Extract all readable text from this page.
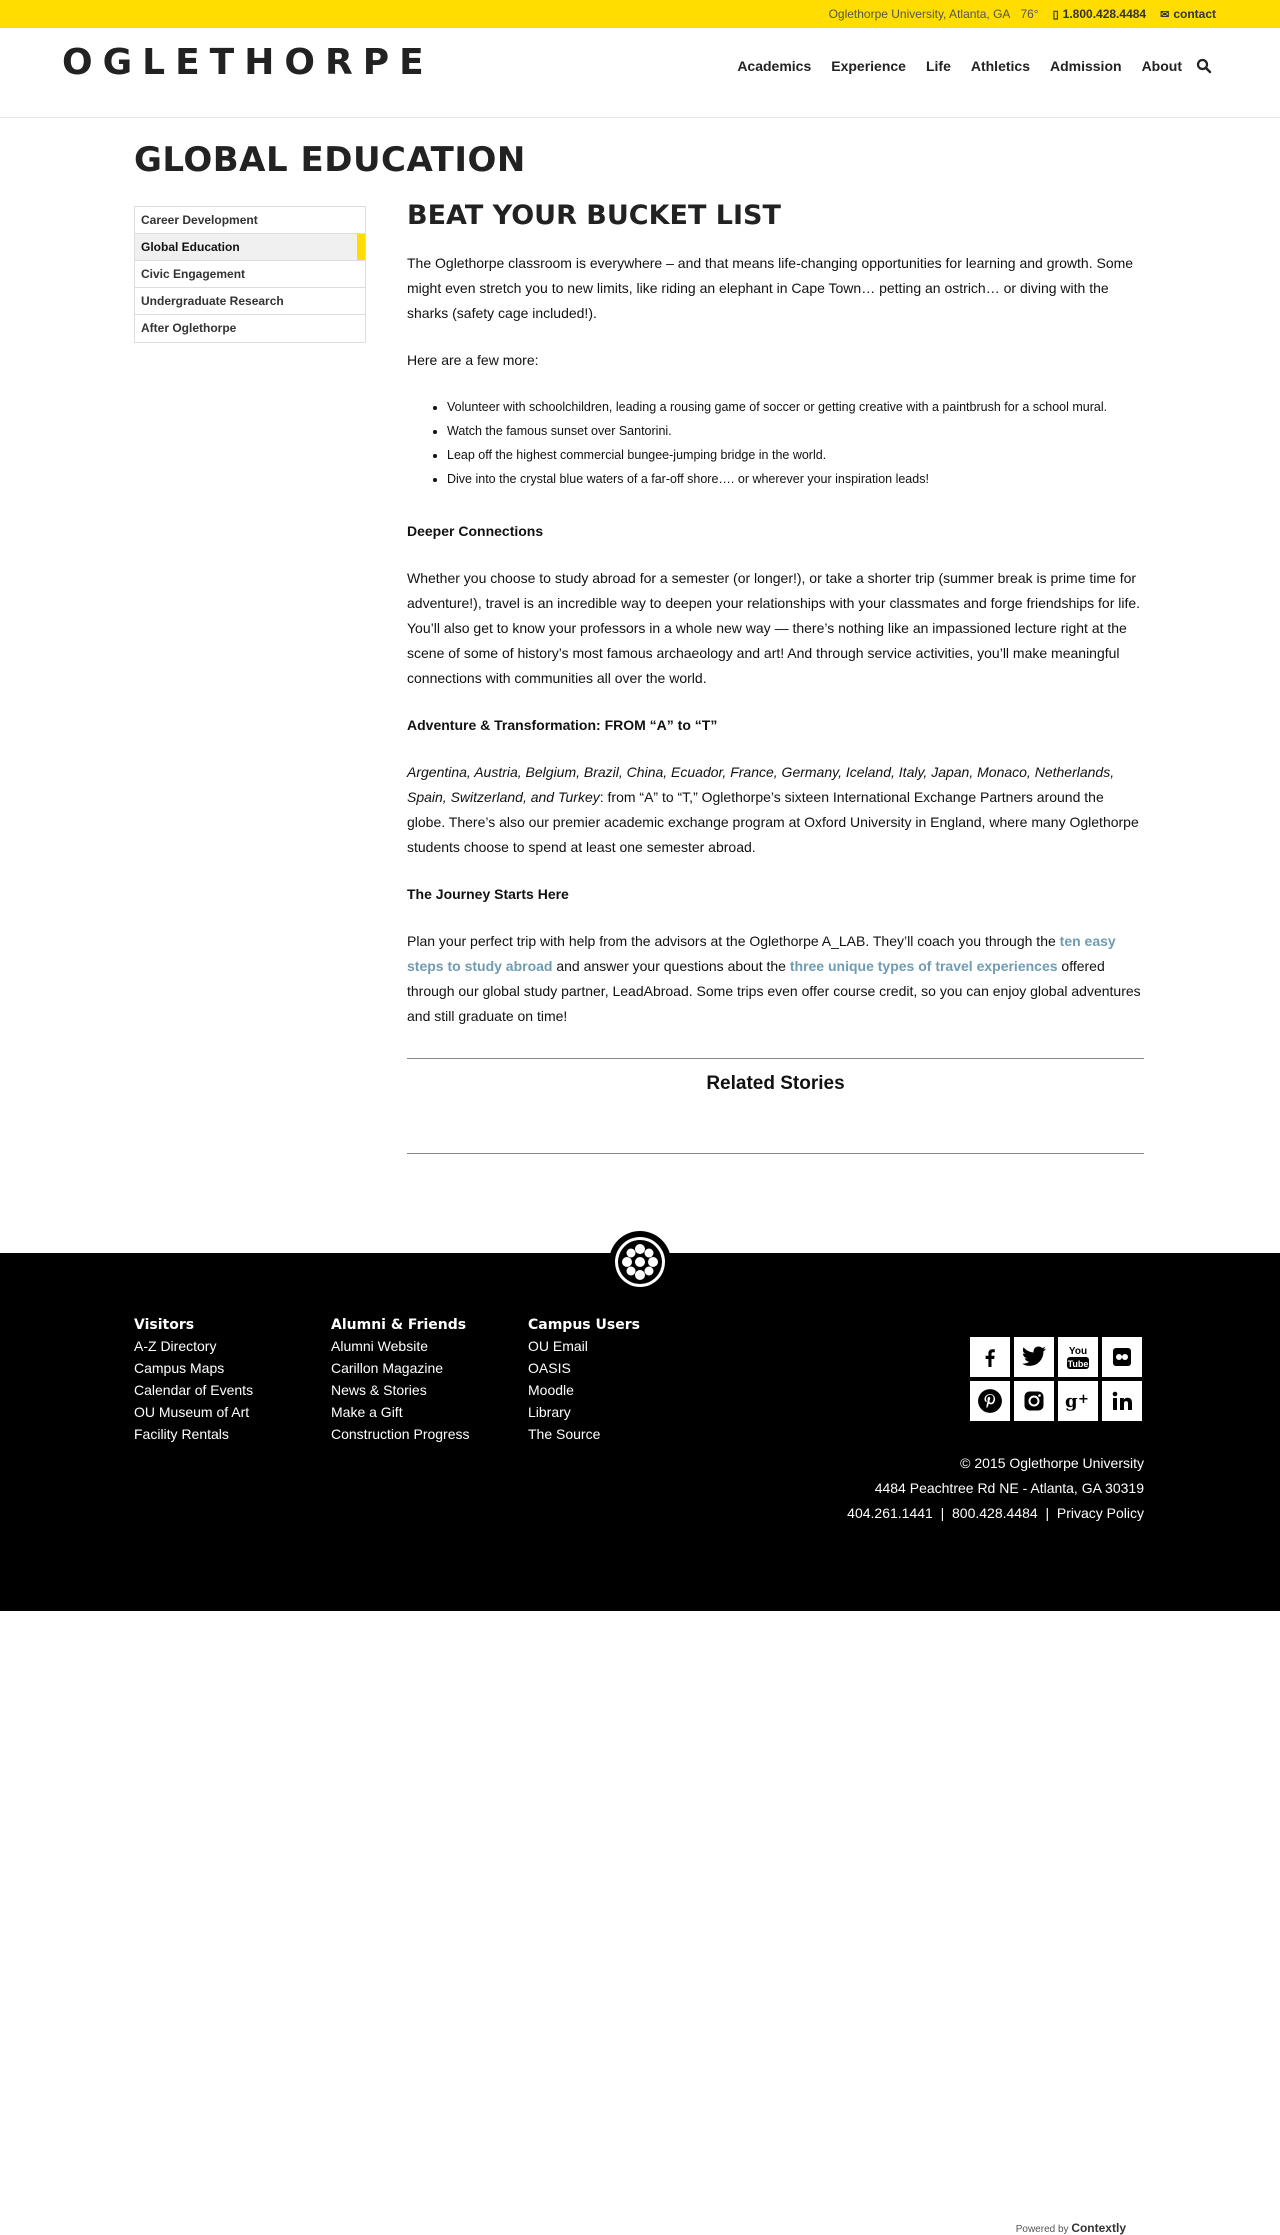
Oglethorpe University, Atlanta, GA 76° ▯ 1.800.428.4484 ✉ contact
OGLETHORPE	Academics	Experience	Life	Athletics	Admission	About
GLOBAL EDUCATION
Career Development
Global Education
Civic Engagement
Undergraduate Research
After Oglethorpe
BEAT YOUR BUCKET LIST

The Oglethorpe classroom is everywhere – and that means life-changing opportunities for learning and growth. Some might even stretch you to new limits, like riding an elephant in Cape Town… petting an ostrich… or diving with the sharks (safety cage included!).

Here are a few more:

• Volunteer with schoolchildren, leading a rousing game of soccer or getting creative with a paintbrush for a school mural.
• Watch the famous sunset over Santorini.
• Leap off the highest commercial bungee-jumping bridge in the world.
• Dive into the crystal blue waters of a far-off shore…. or wherever your inspiration leads!
Deeper Connections

Whether you choose to study abroad for a semester (or longer!), or take a shorter trip (summer break is prime time for adventure!), travel is an incredible way to deepen your relationships with your classmates and forge friendships for life. You’ll also get to know your professors in a whole new way — there’s nothing like an impassioned lecture right at the scene of some of history’s most famous archaeology and art! And through service activities, you’ll make meaningful connections with communities all over the world.

Adventure & Transformation: FROM “A” to “T”

Argentina, Austria, Belgium, Brazil, China, Ecuador, France, Germany, Iceland, Italy, Japan, Monaco, Netherlands, Spain, Switzerland, and Turkey: from “A” to “T,” Oglethorpe’s sixteen International Exchange Partners around the globe. There’s also our premier academic exchange program at Oxford University in England, where many Oglethorpe students choose to spend at least one semester abroad.

The Journey Starts Here

Plan your perfect trip with help from the advisors at the Oglethorpe A_LAB. They’ll coach you through the ten easy steps to study abroad and answer your questions about the three unique types of travel experiences offered through our global study partner, LeadAbroad. Some trips even offer course credit, so you can enjoy global adventures and still graduate on time!

Related Stories
Powered by Contextly
Visitors
A-Z Directory
Campus Maps
Calendar of Events
OU Museum of Art
Facility Rentals
Alumni & Friends
Alumni Website
Carillon Magazine
News & Stories
Make a Gift
Construction Progress
Campus Users
OU Email
OASIS
Moodle
Library
The Source
You
Tube
g +
© 2015 Oglethorpe University
4484 Peachtree Rd NE - Atlanta, GA 30319
404.261.1441 | 800.428.4484 | Privacy Policy
